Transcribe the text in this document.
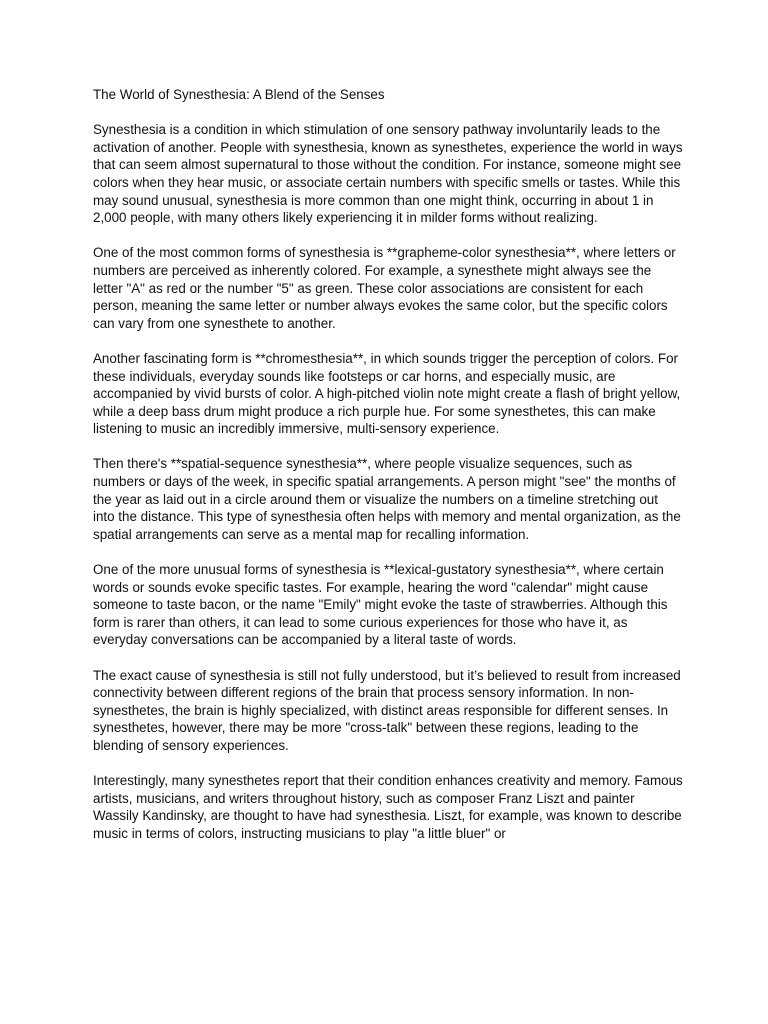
The World of Synesthesia: A Blend of the Senses

Synesthesia is a condition in which stimulation of one sensory pathway involuntarily leads to the activation of another. People with synesthesia, known as synesthetes, experience the world in ways that can seem almost supernatural to those without the condition. For instance, someone might see colors when they hear music, or associate certain numbers with specific smells or tastes. While this may sound unusual, synesthesia is more common than one might think, occurring in about 1 in 2,000 people, with many others likely experiencing it in milder forms without realizing.

One of the most common forms of synesthesia is **grapheme-color synesthesia**, where letters or numbers are perceived as inherently colored. For example, a synesthete might always see the letter "A" as red or the number "5" as green. These color associations are consistent for each person, meaning the same letter or number always evokes the same color, but the specific colors can vary from one synesthete to another.

Another fascinating form is **chromesthesia**, in which sounds trigger the perception of colors. For these individuals, everyday sounds like footsteps or car horns, and especially music, are accompanied by vivid bursts of color. A high-pitched violin note might create a flash of bright yellow, while a deep bass drum might produce a rich purple hue. For some synesthetes, this can make listening to music an incredibly immersive, multi-sensory experience.

Then there's **spatial-sequence synesthesia**, where people visualize sequences, such as numbers or days of the week, in specific spatial arrangements. A person might "see" the months of the year as laid out in a circle around them or visualize the numbers on a timeline stretching out into the distance. This type of synesthesia often helps with memory and mental organization, as the spatial arrangements can serve as a mental map for recalling information.

One of the more unusual forms of synesthesia is **lexical-gustatory synesthesia**, where certain words or sounds evoke specific tastes. For example, hearing the word "calendar" might cause someone to taste bacon, or the name "Emily" might evoke the taste of strawberries. Although this form is rarer than others, it can lead to some curious experiences for those who have it, as everyday conversations can be accompanied by a literal taste of words.

The exact cause of synesthesia is still not fully understood, but it’s believed to result from increased connectivity between different regions of the brain that process sensory information. In non-synesthetes, the brain is highly specialized, with distinct areas responsible for different senses. In synesthetes, however, there may be more "cross-talk" between these regions, leading to the blending of sensory experiences.

Interestingly, many synesthetes report that their condition enhances creativity and memory. Famous artists, musicians, and writers throughout history, such as composer Franz Liszt and painter Wassily Kandinsky, are thought to have had synesthesia. Liszt, for example, was known to describe music in terms of colors, instructing musicians to play "a little bluer" or
